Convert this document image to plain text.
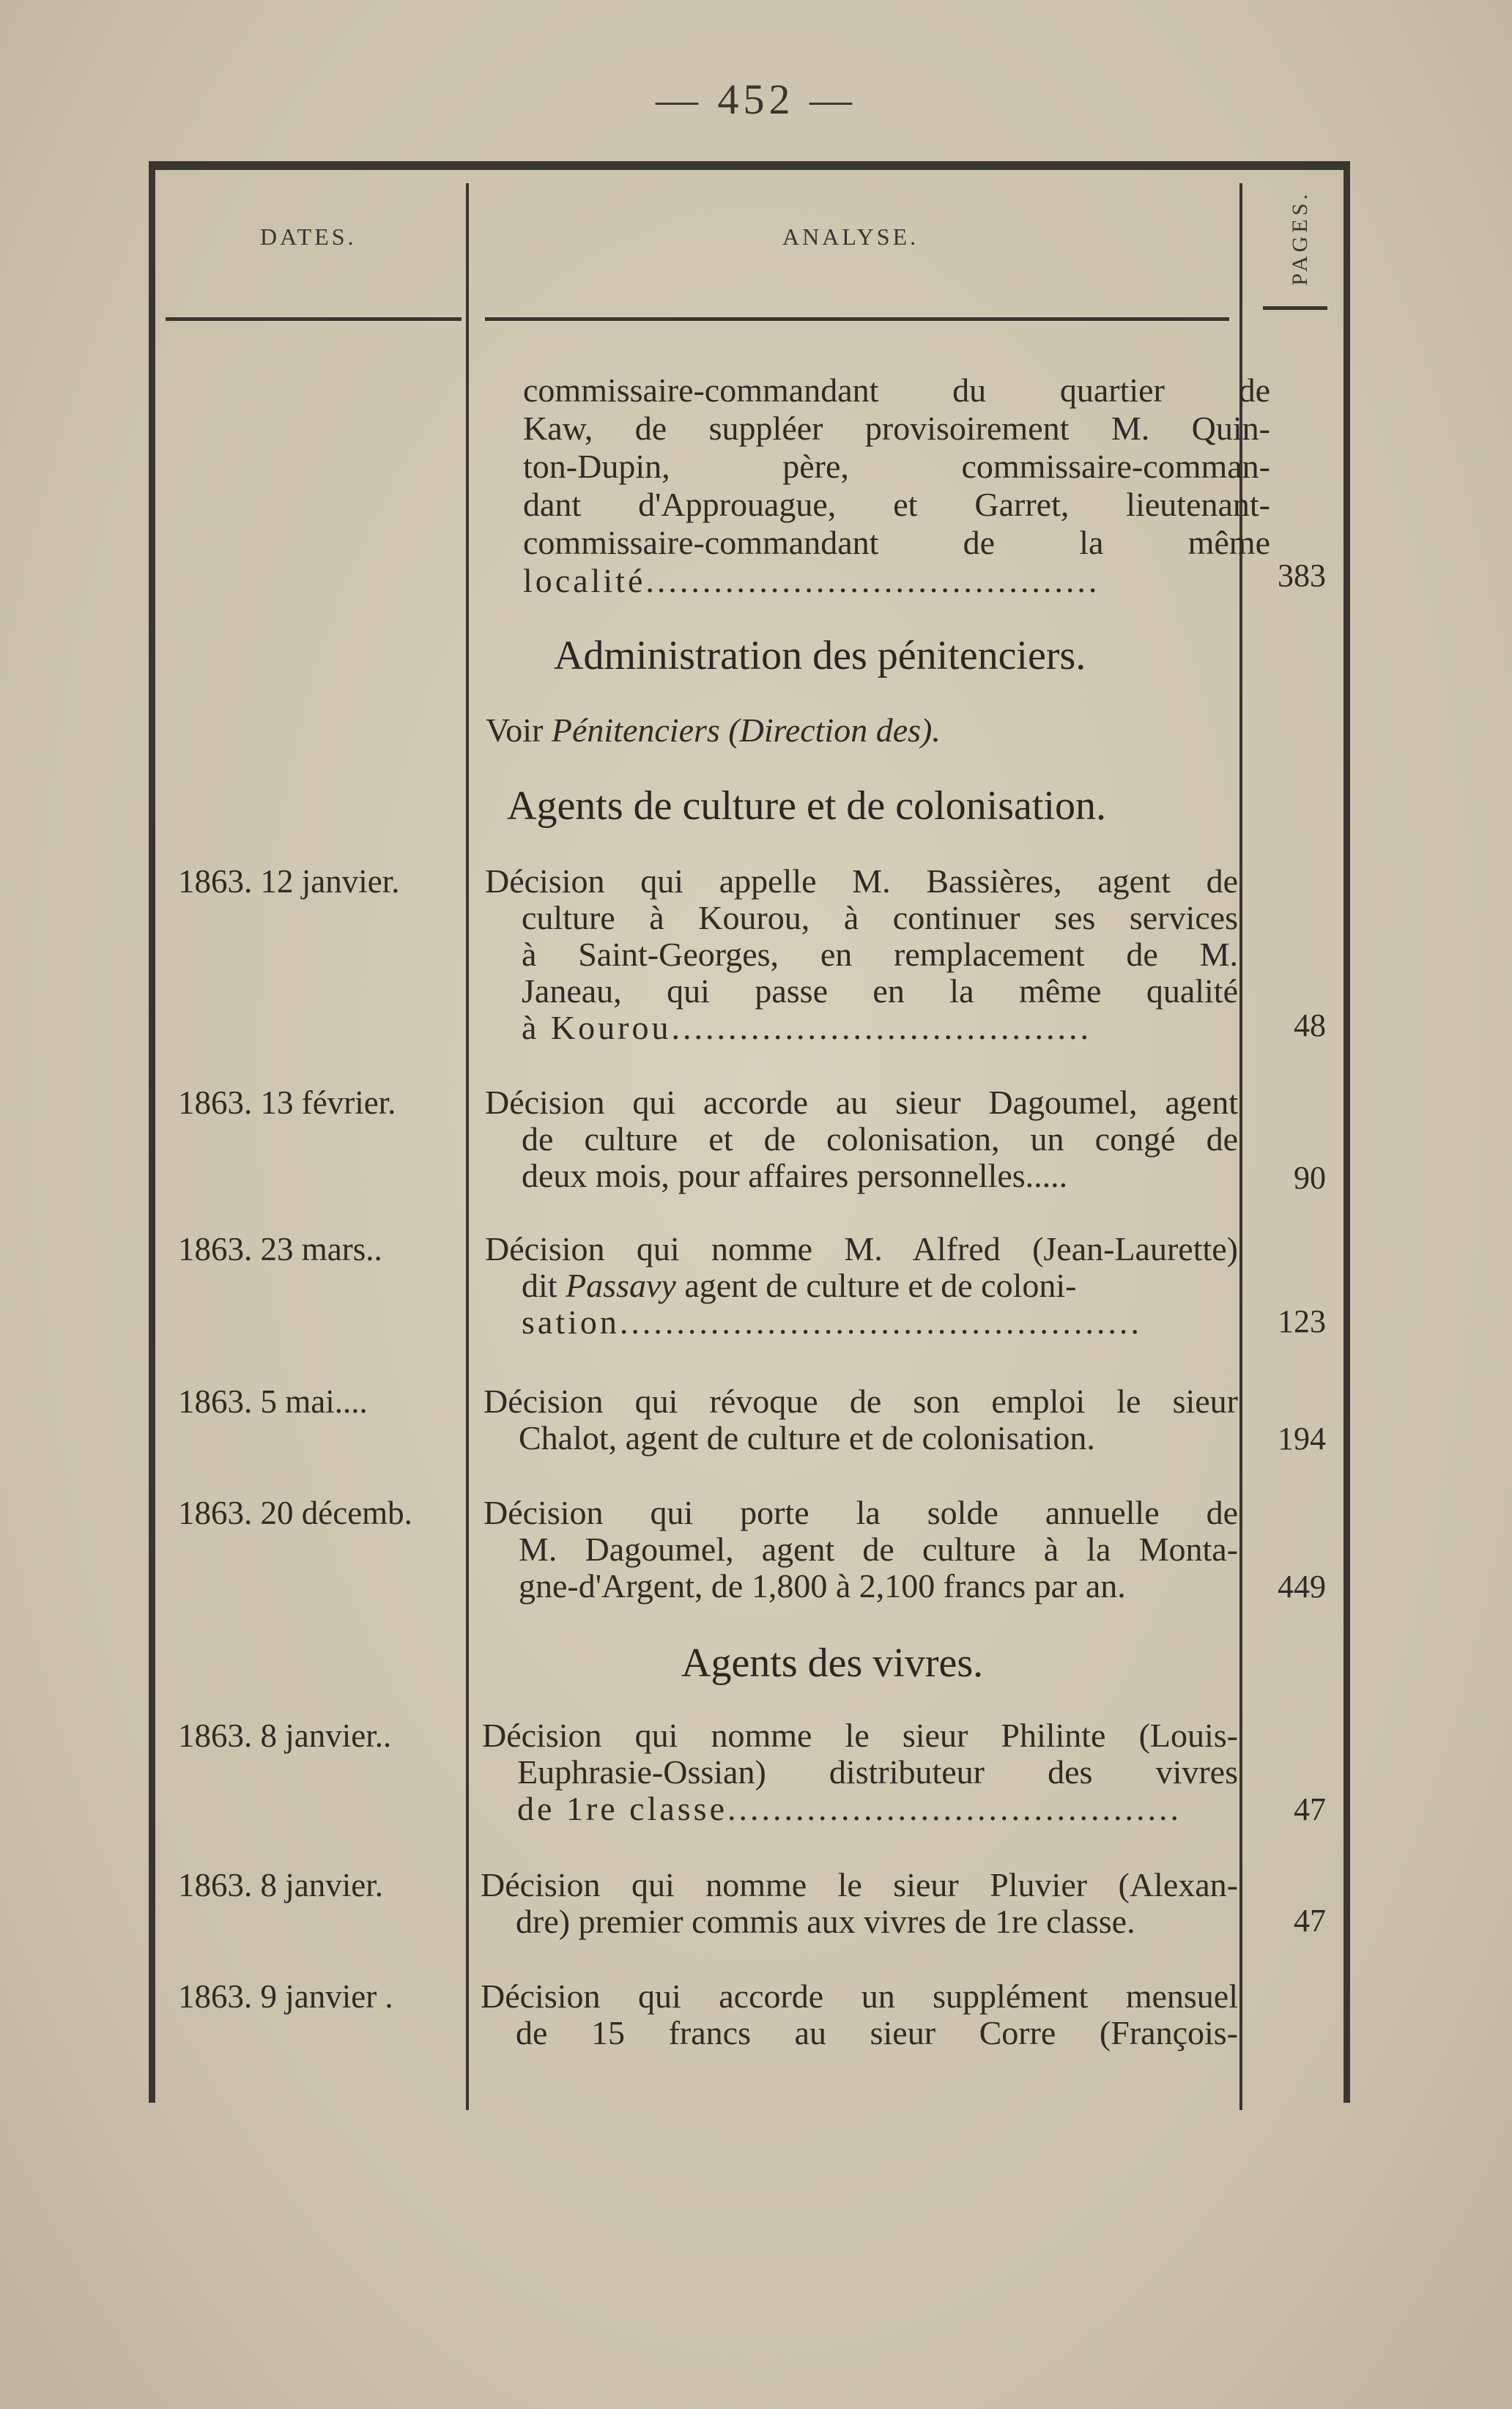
— 452 —
DATES.	ANALYSE.	PAGES.
commissaire-commandant du quartier de
Kaw, de suppléer provisoirement M. Quin-
ton-Dupin, père, commissaire-comman-
dant d'Approuague, et Garret, lieutenant-
commissaire-commandant de la même
localité........................................	383
Administration des pénitenciers.
Voir Pénitenciers (Direction des).
Agents de culture et de colonisation.
1863. 12 janvier.	Décision qui appelle M. Bassières, agent de
culture à Kourou, à continuer ses services
à Saint-Georges, en remplacement de M.
Janeau, qui passe en la même qualité
à Kourou.....................................	48
1863. 13 février.	Décision qui accorde au sieur Dagoumel, agent
de culture et de colonisation, un congé de
deux mois, pour affaires personnelles.....	90
1863. 23 mars..	Décision qui nomme M. Alfred (Jean-Laurette)
dit Passavy agent de culture et de coloni-
sation..............................................	123
1863. 5 mai....	Décision qui révoque de son emploi le sieur
Chalot, agent de culture et de colonisation.	194
1863. 20 décemb. Décision qui porte la solde annuelle de
M. Dagoumel, agent de culture à la Monta-
gne-d'Argent, de 1,800 à 2,100 francs par an.	449
Agents des vivres.
1863. 8 janvier..	Décision qui nomme le sieur Philinte (Louis-
Euphrasie-Ossian) distributeur des vivres
de 1re classe........................................	47
1863. 8 janvier.	Décision qui nomme le sieur Pluvier (Alexan-
dre) premier commis aux vivres de 1re classe.	47
1863. 9 janvier .	Décision qui accorde un supplément mensuel
de 15 francs au sieur Corre (François-
